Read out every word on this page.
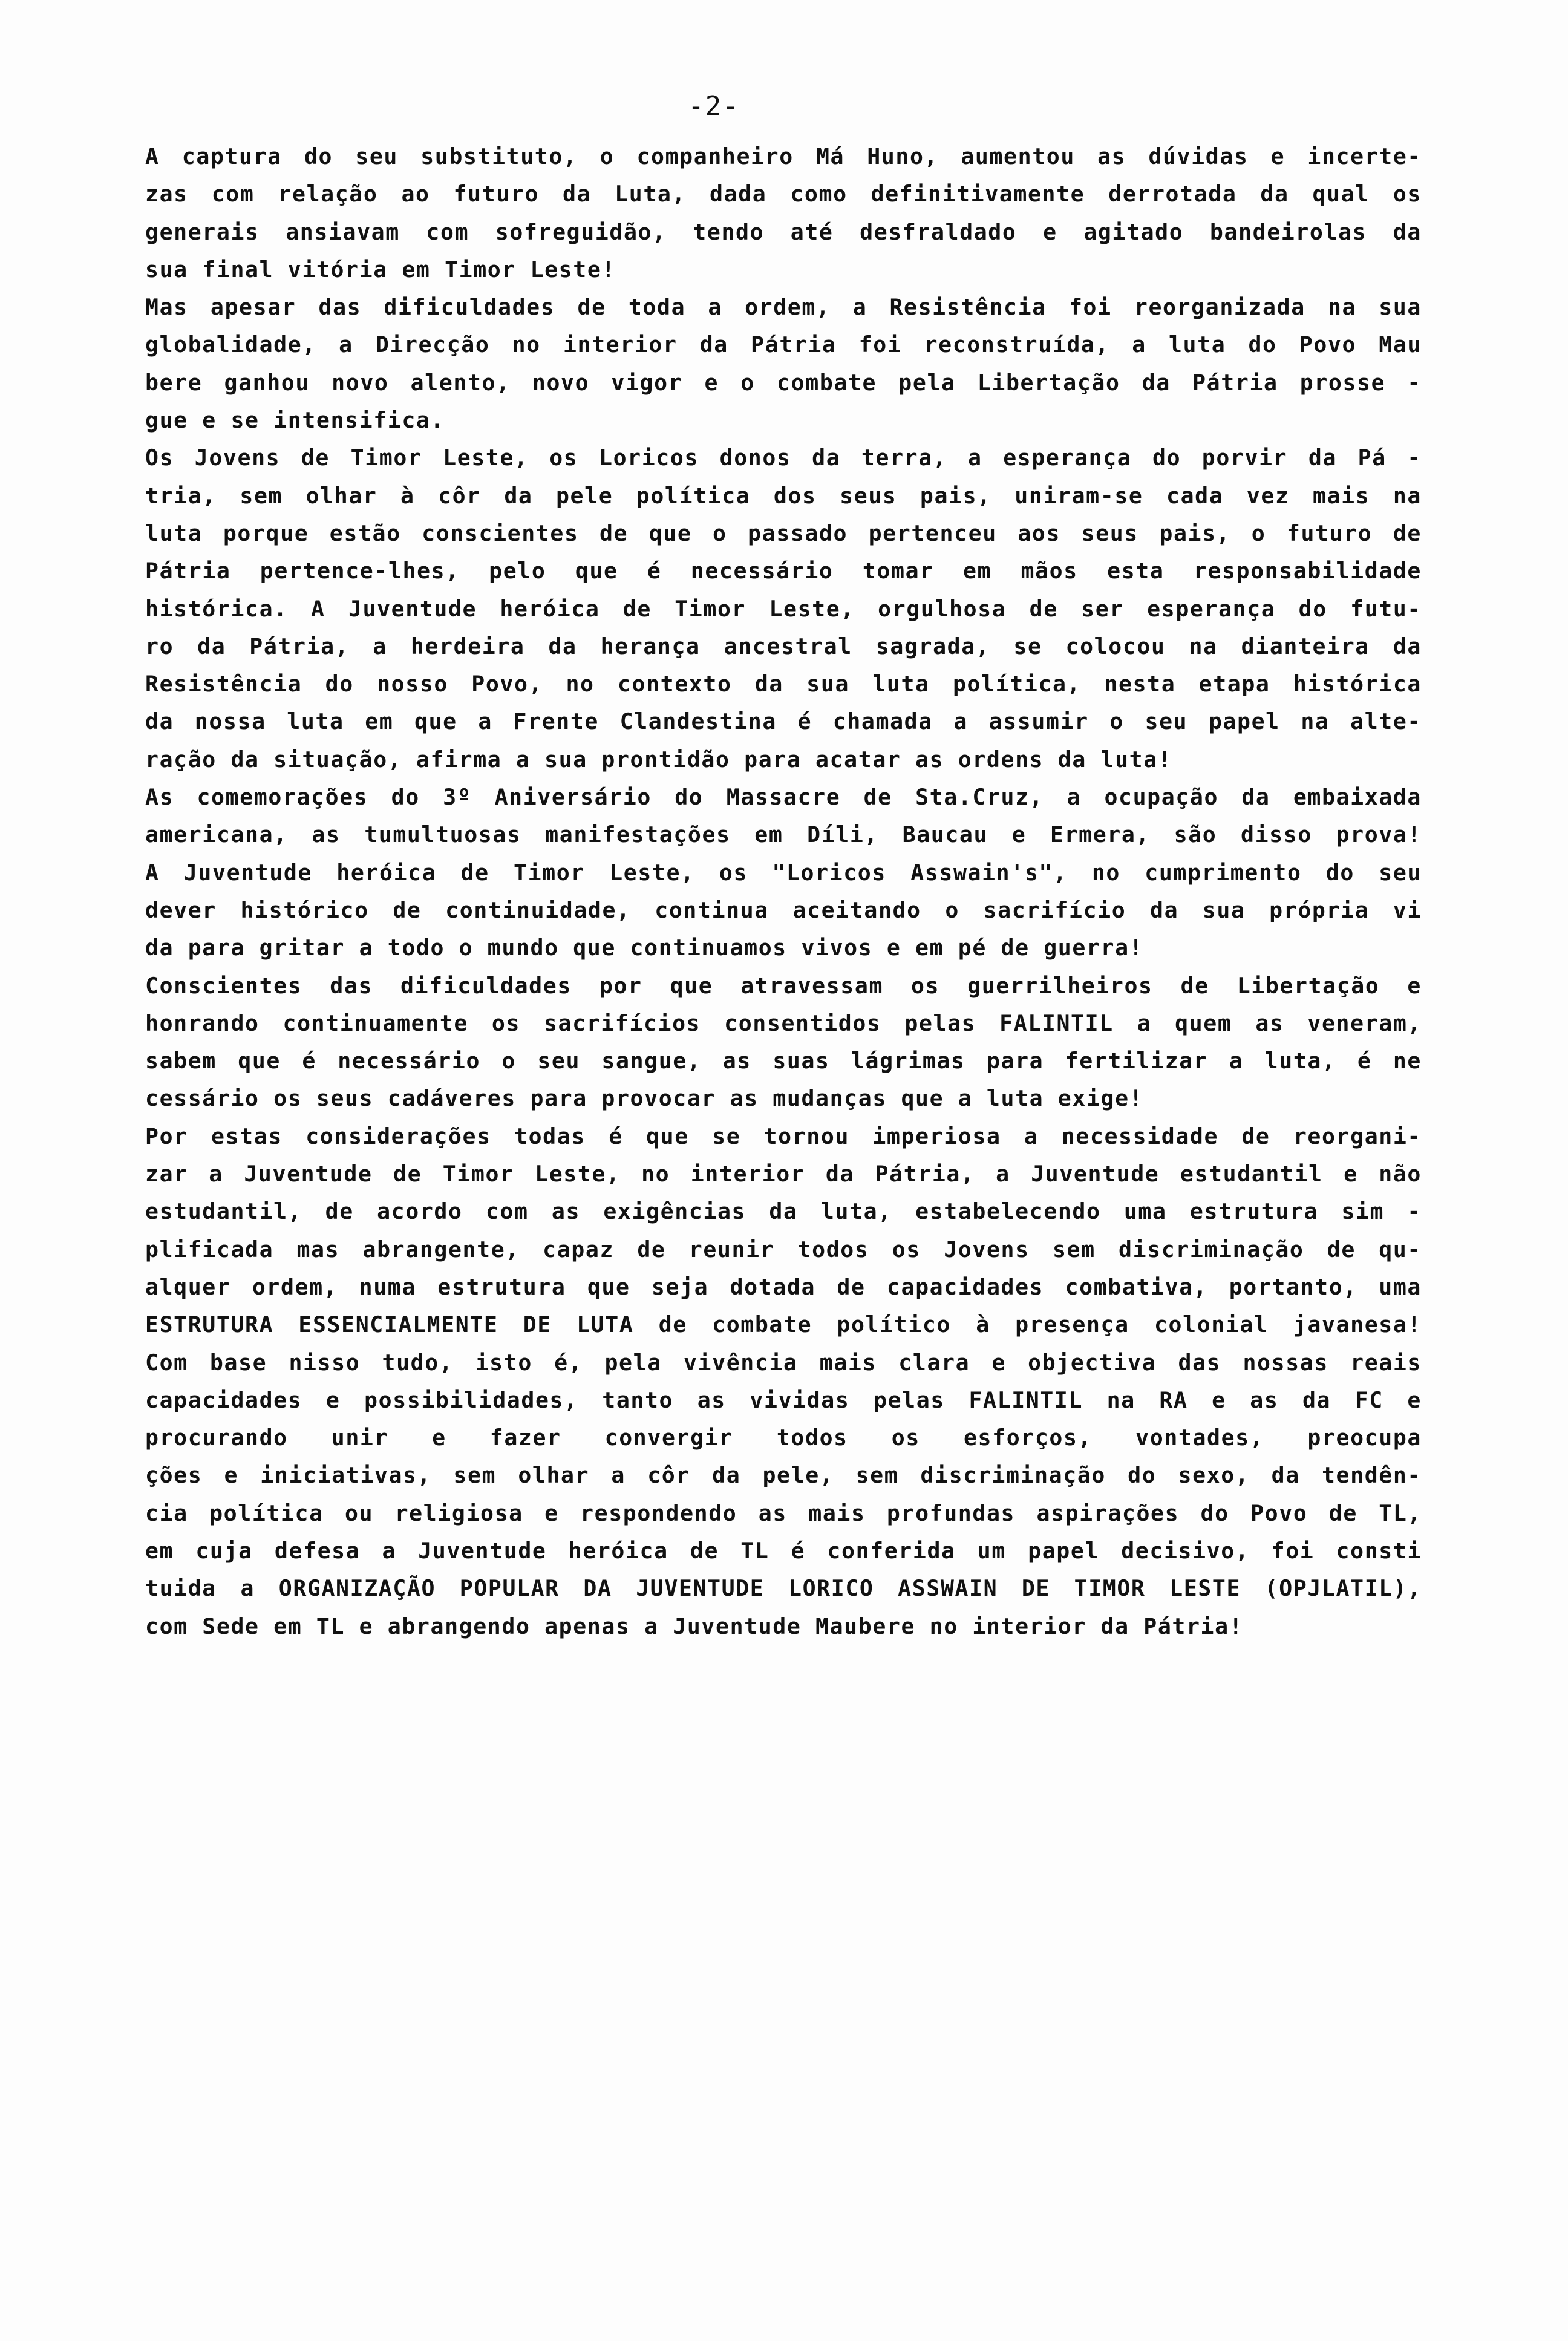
-2-
A captura do seu substituto, o companheiro Má Huno, aumentou as dúvidas e incerte-
zas com relação ao futuro da Luta, dada como definitivamente derrotada da qual os
generais ansiavam com sofreguidão, tendo até desfraldado e agitado bandeirolas da
sua final vitória em Timor Leste!
Mas apesar das dificuldades de toda a ordem, a Resistência foi reorganizada na sua
globalidade, a Direcção no interior da Pátria foi reconstruída, a luta do Povo Mau
bere ganhou novo alento, novo vigor e o combate pela Libertação da Pátria prosse -
gue e se intensifica.
Os Jovens de Timor Leste, os Loricos donos da terra, a esperança do porvir da Pá -
tria, sem olhar à côr da pele política dos seus pais, uniram-se cada vez mais na
luta porque estão conscientes de que o passado pertenceu aos seus pais, o futuro de
Pátria pertence-lhes, pelo que é necessário tomar em mãos esta responsabilidade
histórica. A Juventude heróica de Timor Leste, orgulhosa de ser esperança do futu-
ro da Pátria, a herdeira da herança ancestral sagrada, se colocou na dianteira da
Resistência do nosso Povo, no contexto da sua luta política, nesta etapa histórica
da nossa luta em que a Frente Clandestina é chamada a assumir o seu papel na alte-
ração da situação, afirma a sua prontidão para acatar as ordens da luta!
As comemorações do 3º Aniversário do Massacre de Sta.Cruz, a ocupação da embaixada
americana, as tumultuosas manifestações em Díli, Baucau e Ermera, são disso prova!
A Juventude heróica de Timor Leste, os "Loricos Asswain's", no cumprimento do seu
dever histórico de continuidade, continua aceitando o sacrifício da sua própria vi
da para gritar a todo o mundo que continuamos vivos e em pé de guerra!
Conscientes das dificuldades por que atravessam os guerrilheiros de Libertação e
honrando continuamente os sacrifícios consentidos pelas FALINTIL a quem as veneram,
sabem que é necessário o seu sangue, as suas lágrimas para fertilizar a luta, é ne
cessário os seus cadáveres para provocar as mudanças que a luta exige!
Por estas considerações todas é que se tornou imperiosa a necessidade de reorgani-
zar a Juventude de Timor Leste, no interior da Pátria, a Juventude estudantil e não
estudantil, de acordo com as exigências da luta, estabelecendo uma estrutura sim -
plificada mas abrangente, capaz de reunir todos os Jovens sem discriminação de qu-
alquer ordem, numa estrutura que seja dotada de capacidades combativa, portanto, uma
ESTRUTURA ESSENCIALMENTE DE LUTA de combate político à presença colonial javanesa!
Com base nisso tudo, isto é, pela vivência mais clara e objectiva das nossas reais
capacidades e possibilidades, tanto as vividas pelas FALINTIL na RA e as da FC e
procurando unir e fazer convergir todos os esforços, vontades, preocupa
ções e iniciativas, sem olhar a côr da pele, sem discriminação do sexo, da tendên-
cia política ou religiosa e respondendo as mais profundas aspirações do Povo de TL,
em cuja defesa a Juventude heróica de TL é conferida um papel decisivo, foi consti
tuida a ORGANIZAÇÃO POPULAR DA JUVENTUDE LORICO ASSWAIN DE TIMOR LESTE (OPJLATIL),
com Sede em TL e abrangendo apenas a Juventude Maubere no interior da Pátria!
